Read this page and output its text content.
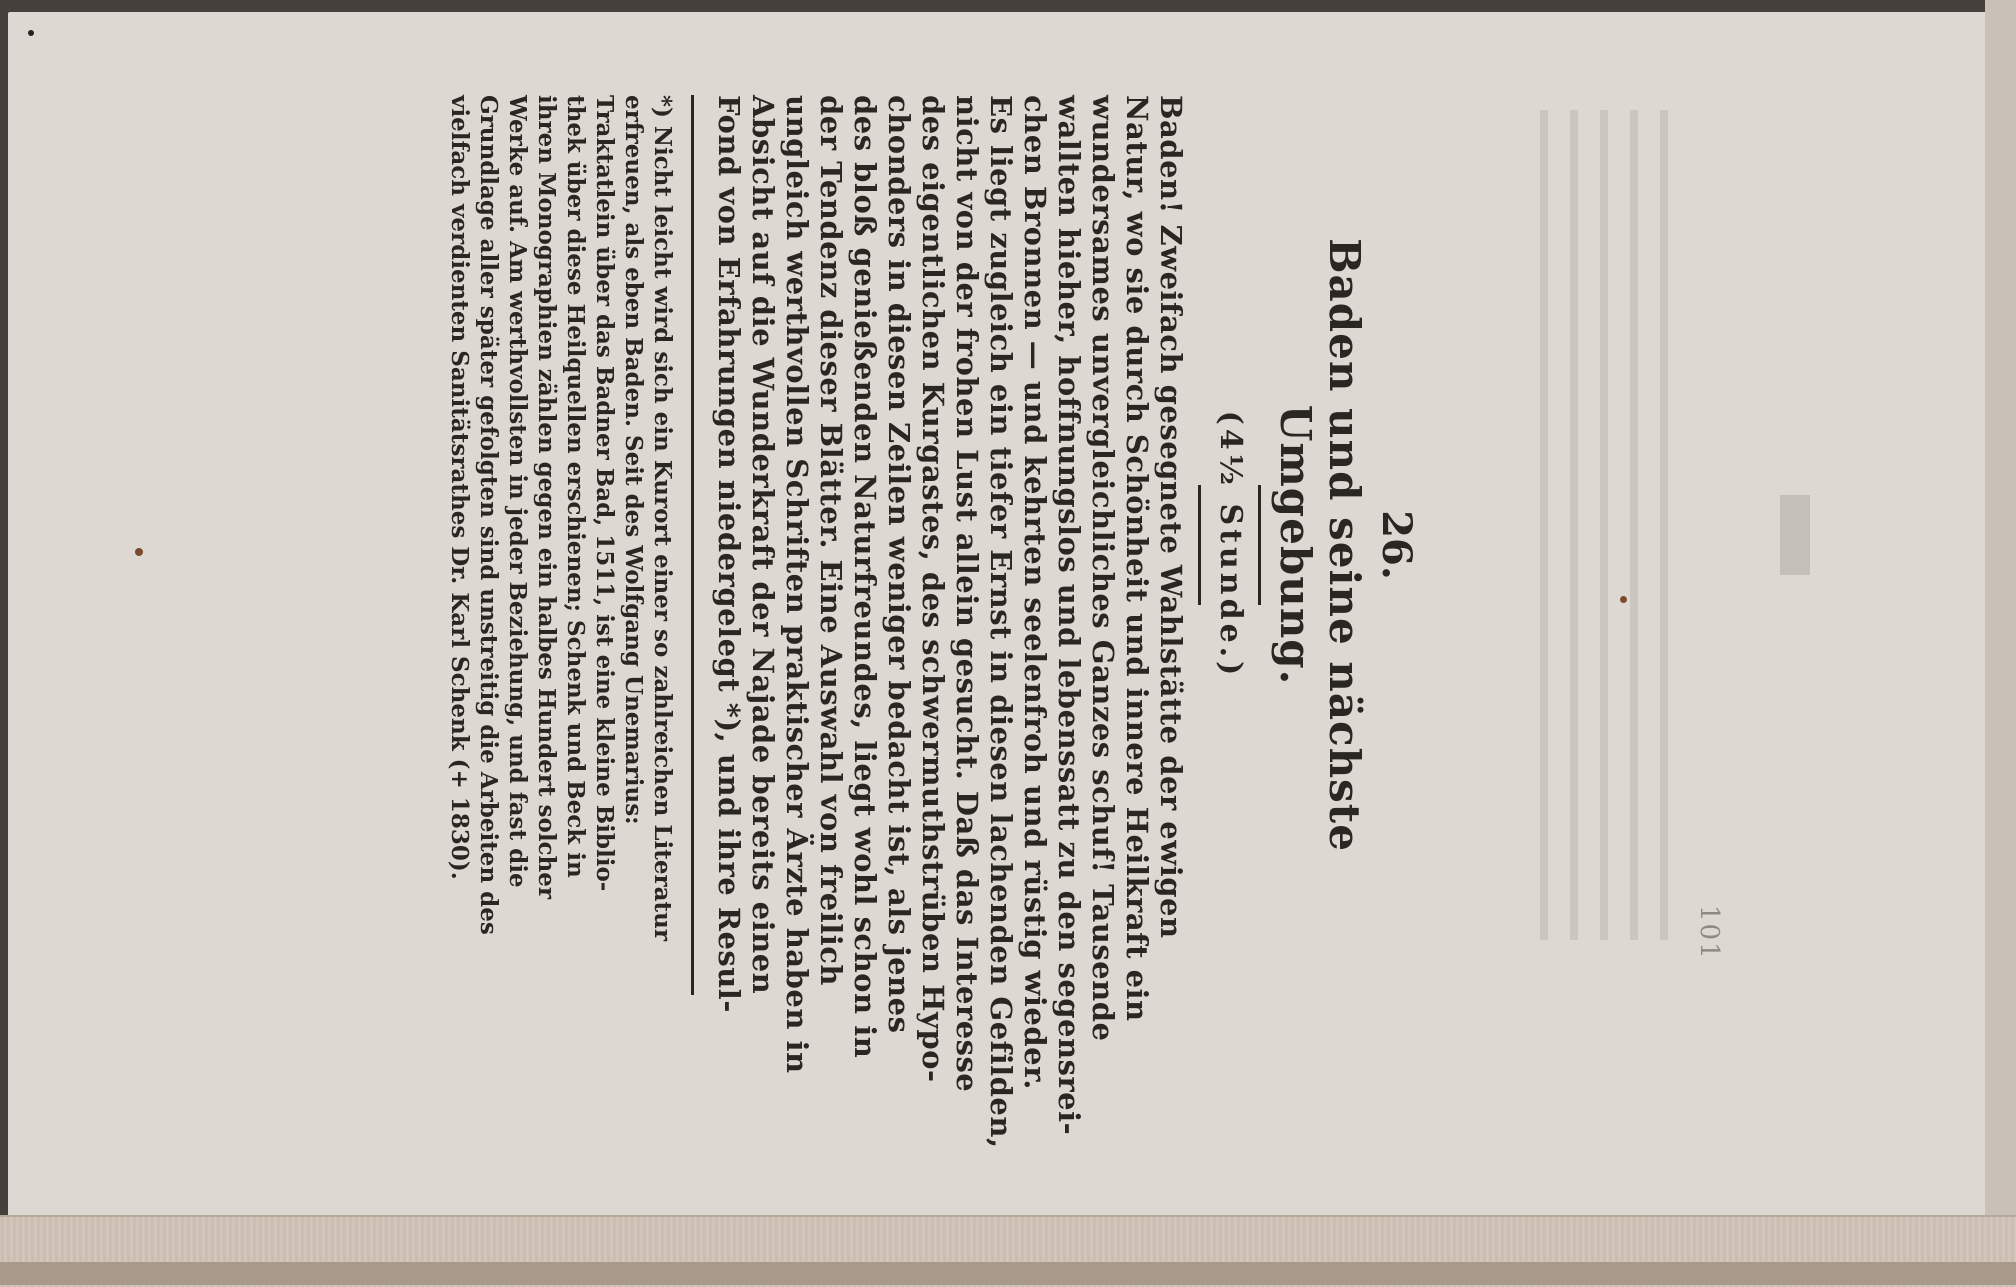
101
26.
Baden und seine nächste Umgebung.
(4½ Stunde.)
Baden! Zweifach gesegnete Wahlstätte der ewigen
Natur, wo sie durch Schönheit und innere Heilkraft ein
wundersames unvergleichliches Ganzes schuf! Tausende
wallten hieher, hoffnungslos und lebenssatt zu den segensrei-
chen Bronnen — und kehrten seelenfroh und rüstig wieder.
Es liegt zugleich ein tiefer Ernst in diesen lachenden Gefilden,
nicht von der frohen Lust allein gesucht. Daß das Interesse
des eigentlichen Kurgastes, des schwermuthstrüben Hypo-
chonders in diesen Zeilen weniger bedacht ist, als jenes
des bloß genießenden Naturfreundes, liegt wohl schon in
der Tendenz dieser Blätter. Eine Auswahl von freilich
ungleich werthvollen Schriften praktischer Ärzte haben in
Absicht auf die Wunderkraft der Najade bereits einen
Fond von Erfahrungen niedergelegt *), und ihre Resul-
*) Nicht leicht wird sich ein Kurort einer so zahlreichen Literatur
erfreuen, als eben Baden. Seit des Wolfgang Unemarius:
Traktatlein über das Badner Bad, 1511, ist eine kleine Biblio-
thek über diese Heilquellen erschienen; Schenk und Beck in
ihren Monographien zählen gegen ein halbes Hundert solcher
Werke auf. Am werthvollsten in jeder Beziehung, und fast die
Grundlage aller später gefolgten sind unstreitig die Arbeiten des
vielfach verdienten Sanitätsrathes Dr. Karl Schenk (+ 1830).
